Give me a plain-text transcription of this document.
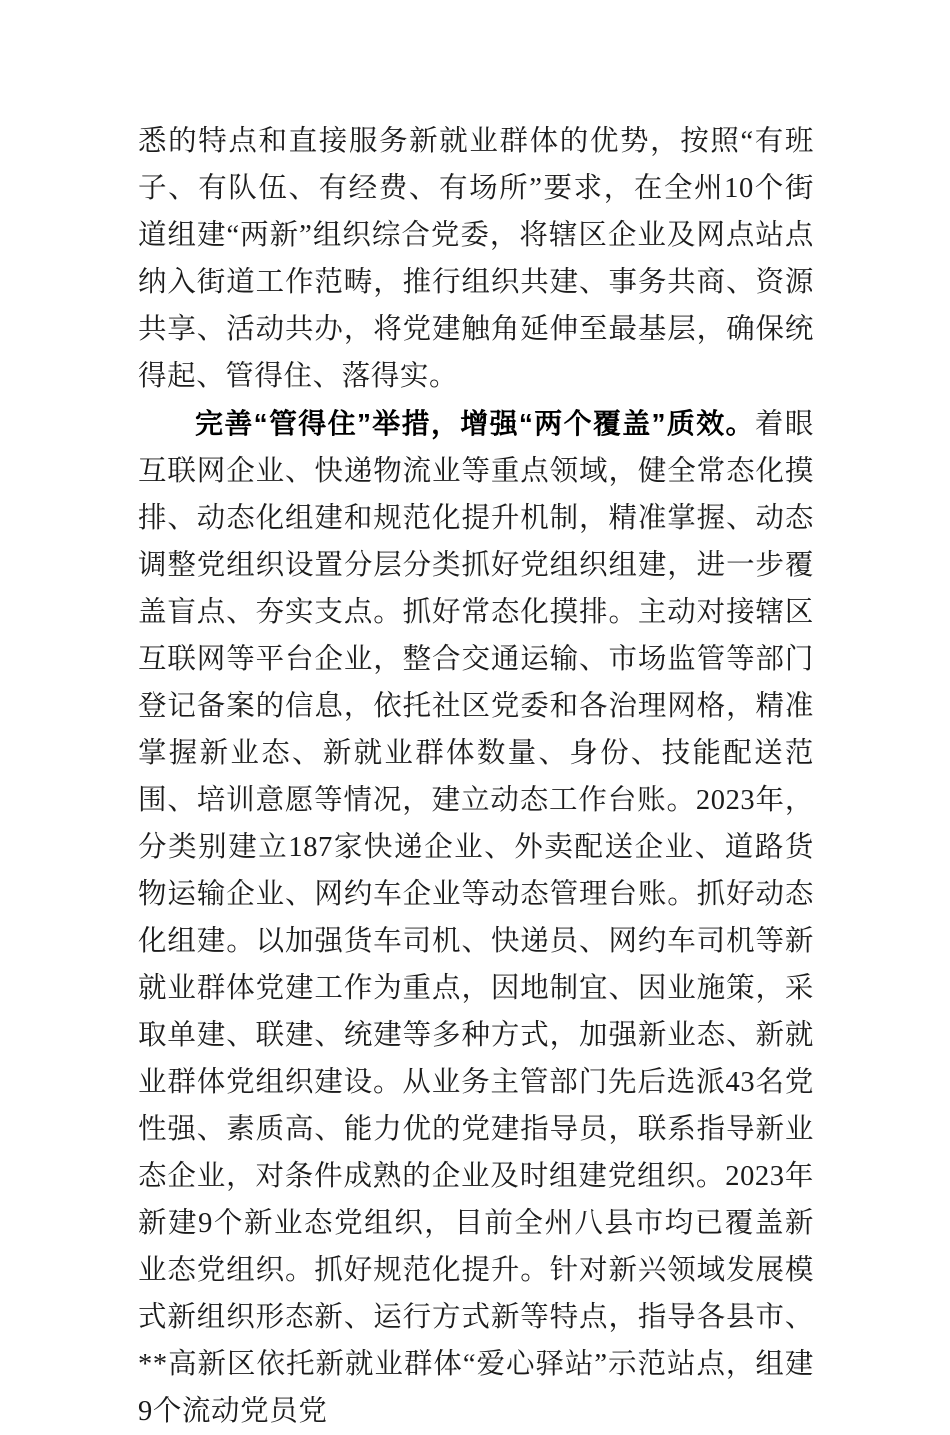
悉的特点和直接服务新就业群体的优势，按照“有班子、有队伍、有经费、有场所”要求，在全州10个街道组建“两新”组织综合党委，将辖区企业及网点站点纳入街道工作范畴，推行组织共建、事务共商、资源共享、活动共办，将党建触角延伸至最基层，确保统得起、管得住、落得实。

完善“管得住”举措，增强“两个覆盖”质效。着眼互联网企业、快递物流业等重点领域，健全常态化摸排、动态化组建和规范化提升机制，精准掌握、动态调整党组织设置分层分类抓好党组织组建，进一步覆盖盲点、夯实支点。抓好常态化摸排。主动对接辖区互联网等平台企业，整合交通运输、市场监管等部门登记备案的信息，依托社区党委和各治理网格，精准掌握新业态、新就业群体数量、身份、技能配送范围、培训意愿等情况，建立动态工作台账。2023年，分类别建立187家快递企业、外卖配送企业、道路货物运输企业、网约车企业等动态管理台账。抓好动态化组建。以加强货车司机、快递员、网约车司机等新就业群体党建工作为重点，因地制宜、因业施策，采取单建、联建、统建等多种方式，加强新业态、新就业群体党组织建设。从业务主管部门先后选派43名党性强、素质高、能力优的党建指导员，联系指导新业态企业，对条件成熟的企业及时组建党组织。2023年新建9个新业态党组织，目前全州八县市均已覆盖新业态党组织。抓好规范化提升。针对新兴领域发展模式新组织形态新、运行方式新等特点，指导各县市、**高新区依托新就业群体“爱心驿站”示范站点，组建9个流动党员党
